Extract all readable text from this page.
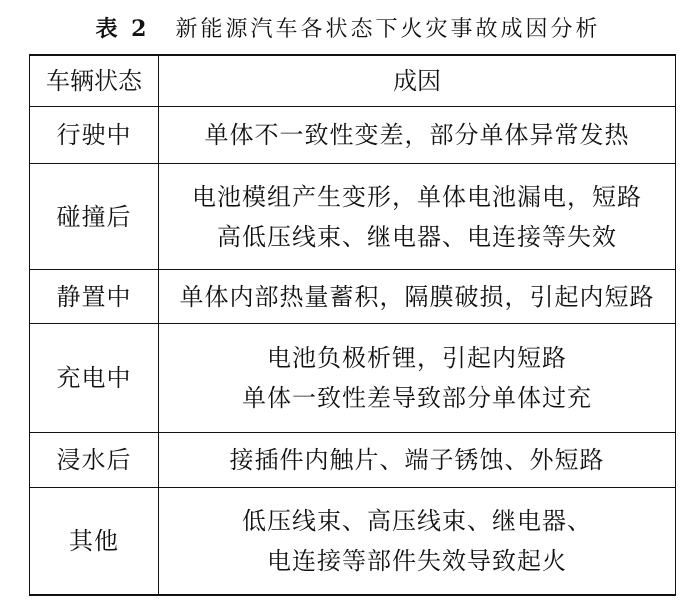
表 2 新能源汽车各状态下火灾事故成因分析
车辆状态	成因
行驶中	单体不一致性变差，部分单体异常发热

碰撞后	电池模组产生变形，单体电池漏电，短路
高低压线束、继电器、电连接等失效

静置中	单体内部热量蓄积，隔膜破损，引起内短路

充电中	电池负极析锂，引起内短路
单体一致性差导致部分单体过充

浸水后	接插件内触片、端子锈蚀、外短路

其他	低压线束、高压线束、继电器、
电连接等部件失效导致起火
